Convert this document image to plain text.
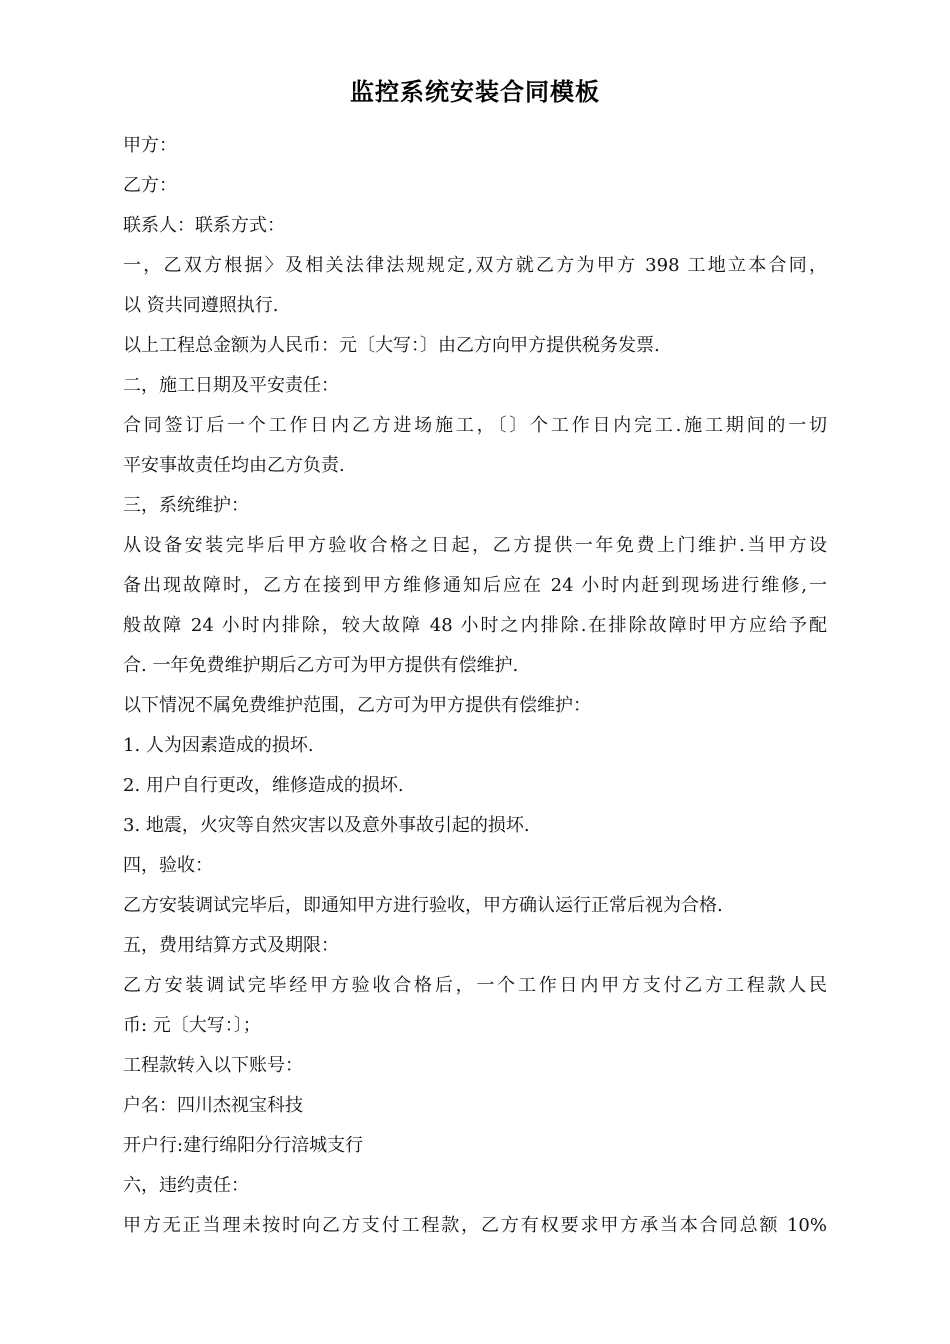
监控系统安装合同模板
甲方：
乙方：
联系人：联系方式：
一，乙双方根据〉及相关法律法规规定,双方就乙方为甲方 398 工地立本合同，
以 资共同遵照执行.
以上工程总金额为人民币：元〔大写：〕由乙方向甲方提供税务发票.
二，施工日期及平安责任：
合同签订后一个工作日内乙方进场施工，〔〕个工作日内完工.施工期间的一切
平安事故责任均由乙方负责.
三，系统维护：
从设备安装完毕后甲方验收合格之日起，乙方提供一年免费上门维护.当甲方设
备出现故障时，乙方在接到甲方维修通知后应在 24 小时内赶到现场进行维修,一
般故障 24 小时内排除，较大故障 48 小时之内排除.在排除故障时甲方应给予配
合. 一年免费维护期后乙方可为甲方提供有偿维护.
以下情况不属免费维护范围，乙方可为甲方提供有偿维护：
1. 人为因素造成的损坏.
2. 用户自行更改，维修造成的损坏.
3. 地震，火灾等自然灾害以及意外事故引起的损坏.
四，验收：
乙方安装调试完毕后，即通知甲方进行验收，甲方确认运行正常后视为合格.
五，费用结算方式及期限：
乙方安装调试完毕经甲方验收合格后，一个工作日内甲方支付乙方工程款人民
币: 元〔大写：〕；
工程款转入以下账号：
户名：四川杰视宝科技
开户行:建行绵阳分行涪城支行
六，违约责任：
甲方无正当理未按时向乙方支付工程款，乙方有权要求甲方承当本合同总额 10%
